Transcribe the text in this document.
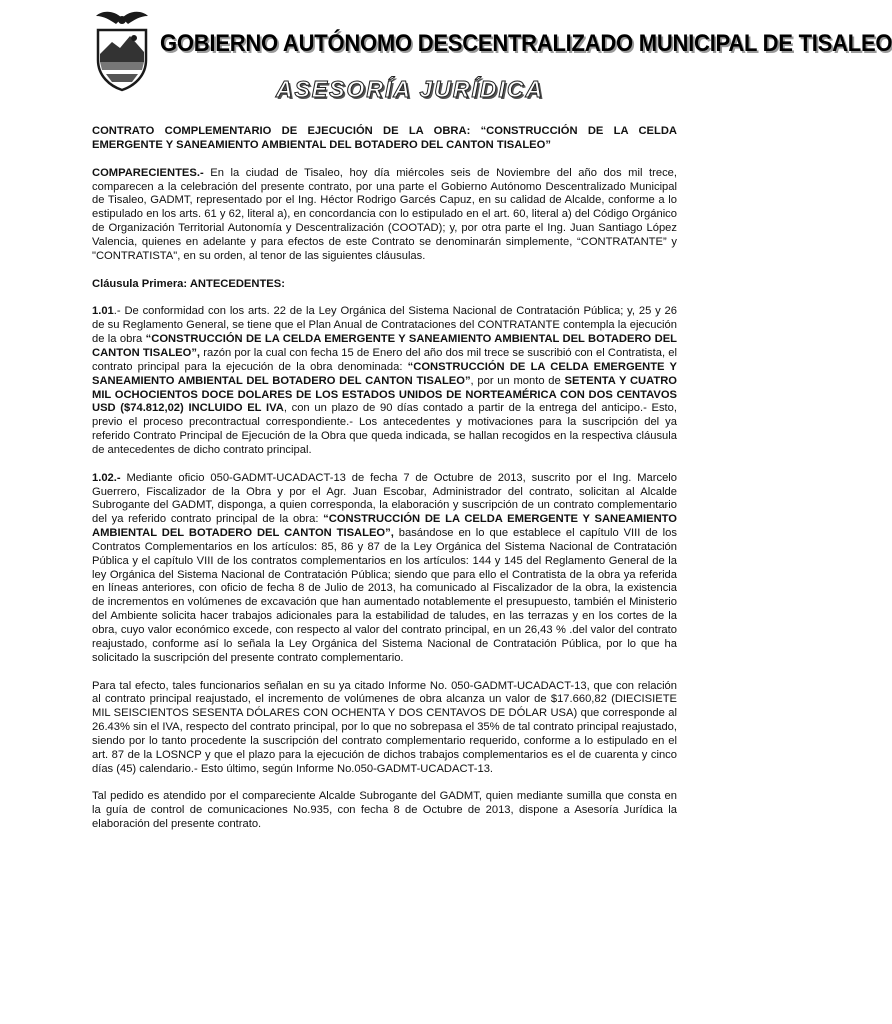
GOBIERNO AUTÓNOMO DESCENTRALIZADO MUNICIPAL DE TISALEO
ASESORÍA JURÍDICA

CONTRATO COMPLEMENTARIO DE EJECUCIÓN DE LA OBRA: “CONSTRUCCIÓN DE LA CELDA EMERGENTE Y SANEAMIENTO AMBIENTAL DEL BOTADERO DEL CANTON TISALEO”

COMPARECIENTES.- En la ciudad de Tisaleo, hoy día miércoles seis de Noviembre del año dos mil trece, comparecen a la celebración del presente contrato, por una parte el Gobierno Autónomo Descentralizado Municipal de Tisaleo, GADMT, representado por el Ing. Héctor Rodrigo Garcés Capuz, en su calidad de Alcalde, conforme a lo estipulado en los arts. 61 y 62, literal a), en concordancia con lo estipulado en el art. 60, literal a) del Código Orgánico de Organización Territorial Autonomía y Descentralización (COOTAD); y, por otra parte el Ing. Juan Santiago López Valencia, quienes en adelante y para efectos de este Contrato se denominarán simplemente, “CONTRATANTE” y "CONTRATISTA", en su orden, al tenor de las siguientes cláusulas.

Cláusula Primera: ANTECEDENTES:

1.01.- De conformidad con los arts. 22 de la Ley Orgánica del Sistema Nacional de Contratación Pública; y, 25 y 26 de su Reglamento General, se tiene que el Plan Anual de Contrataciones del CONTRATANTE contempla la ejecución de la obra “CONSTRUCCIÓN DE LA CELDA EMERGENTE Y SANEAMIENTO AMBIENTAL DEL BOTADERO DEL CANTON TISALEO”, razón por la cual con fecha 15 de Enero del año dos mil trece se suscribió con el Contratista, el contrato principal para la ejecución de la obra denominada: “CONSTRUCCIÓN DE LA CELDA EMERGENTE Y SANEAMIENTO AMBIENTAL DEL BOTADERO DEL CANTON TISALEO”, por un monto de SETENTA Y CUATRO MIL OCHOCIENTOS DOCE DOLARES DE LOS ESTADOS UNIDOS DE NORTEAMÉRICA CON DOS CENTAVOS USD ($74.812,02) INCLUIDO EL IVA, con un plazo de 90 días contado a partir de la entrega del anticipo.- Esto, previo el proceso precontractual correspondiente.- Los antecedentes y motivaciones para la suscripción del ya referido Contrato Principal de Ejecución de la Obra que queda indicada, se hallan recogidos en la respectiva cláusula de antecedentes de dicho contrato principal.

1.02.- Mediante oficio 050-GADMT-UCADACT-13 de fecha 7 de Octubre de 2013, suscrito por el Ing. Marcelo Guerrero, Fiscalizador de la Obra y por el Agr. Juan Escobar, Administrador del contrato, solicitan al Alcalde Subrogante del GADMT, disponga, a quien corresponda, la elaboración y suscripción de un contrato complementario del ya referido contrato principal de la obra: “CONSTRUCCIÓN DE LA CELDA EMERGENTE Y SANEAMIENTO AMBIENTAL DEL BOTADERO DEL CANTON TISALEO”, basándose en lo que establece el capítulo VIII de los Contratos Complementarios en los artículos: 85, 86 y 87 de la Ley Orgánica del Sistema Nacional de Contratación Pública y el capítulo VIII de los contratos complementarios en los artículos: 144 y 145 del Reglamento General de la ley Orgánica del Sistema Nacional de Contratación Pública; siendo que para ello el Contratista de la obra ya referida en líneas anteriores, con oficio de fecha 8 de Julio de 2013, ha comunicado al Fiscalizador de la obra, la existencia de incrementos en volúmenes de excavación que han aumentado notablemente el presupuesto, también el Ministerio del Ambiente solicita hacer trabajos adicionales para la estabilidad de taludes, en las terrazas y en los cortes de la obra, cuyo valor económico excede, con respecto al valor del contrato principal, en un 26,43 % .del valor del contrato reajustado, conforme así lo señala la Ley Orgánica del Sistema Nacional de Contratación Pública, por lo que ha solicitado la suscripción del presente contrato complementario.

Para tal efecto, tales funcionarios señalan en su ya citado Informe No. 050-GADMT-UCADACT-13, que con relación al contrato principal reajustado, el incremento de volúmenes de obra alcanza un valor de $17.660,82 (DIECISIETE MIL SEISCIENTOS SESENTA DÓLARES CON OCHENTA Y DOS CENTAVOS DE DÓLAR USA) que corresponde al 26.43% sin el IVA, respecto del contrato principal, por lo que no sobrepasa el 35% de tal contrato principal reajustado, siendo por lo tanto procedente la suscripción del contrato complementario requerido, conforme a lo estipulado en el art. 87 de la LOSNCP y que el plazo para la ejecución de dichos trabajos complementarios es el de cuarenta y cinco días (45) calendario.- Esto último, según Informe No.050-GADMT-UCADACT-13.

Tal pedido es atendido por el compareciente Alcalde Subrogante del GADMT, quien mediante sumilla que consta en la guía de control de comunicaciones No.935, con fecha 8 de Octubre de 2013, dispone a Asesoría Jurídica la elaboración del presente contrato.
